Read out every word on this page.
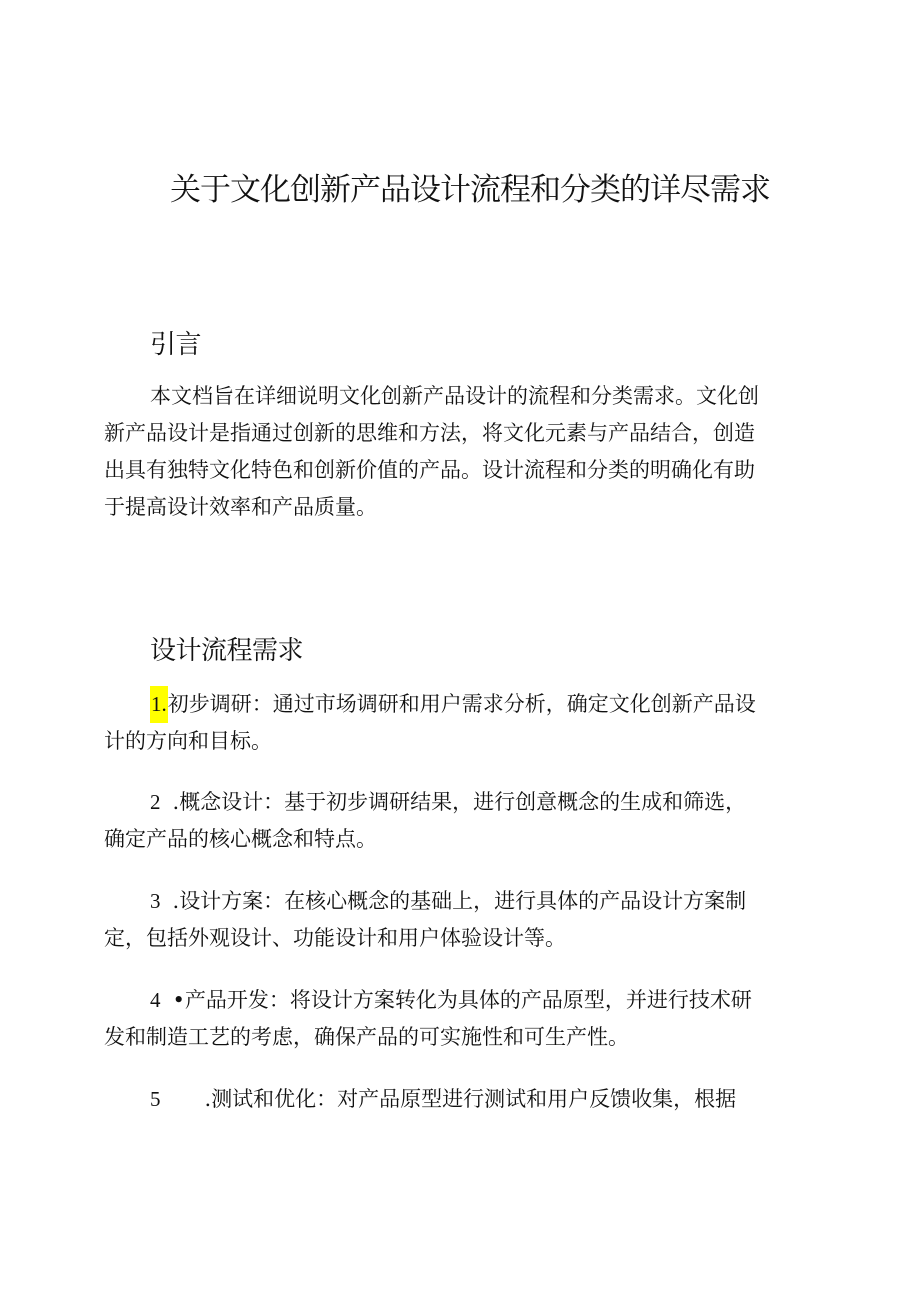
关于文化创新产品设计流程和分类的详尽需求
引言

本文档旨在详细说明文化创新产品设计的流程和分类需求。文化创
新产品设计是指通过创新的思维和方法，将文化元素与产品结合，创造
出具有独特文化特色和创新价值的产品。设计流程和分类的明确化有助
于提高设计效率和产品质量。

设计流程需求

1.初步调研：通过市场调研和用户需求分析，确定文化创新产品设
计的方向和目标。

2 .概念设计：基于初步调研结果，进行创意概念的生成和筛选，
确定产品的核心概念和特点。

3 .设计方案：在核心概念的基础上，进行具体的产品设计方案制
定，包括外观设计、功能设计和用户体验设计等。

4 •产品开发：将设计方案转化为具体的产品原型，并进行技术研
发和制造工艺的考虑，确保产品的可实施性和可生产性。

5 .测试和优化：对产品原型进行测试和用户反馈收集，根据
